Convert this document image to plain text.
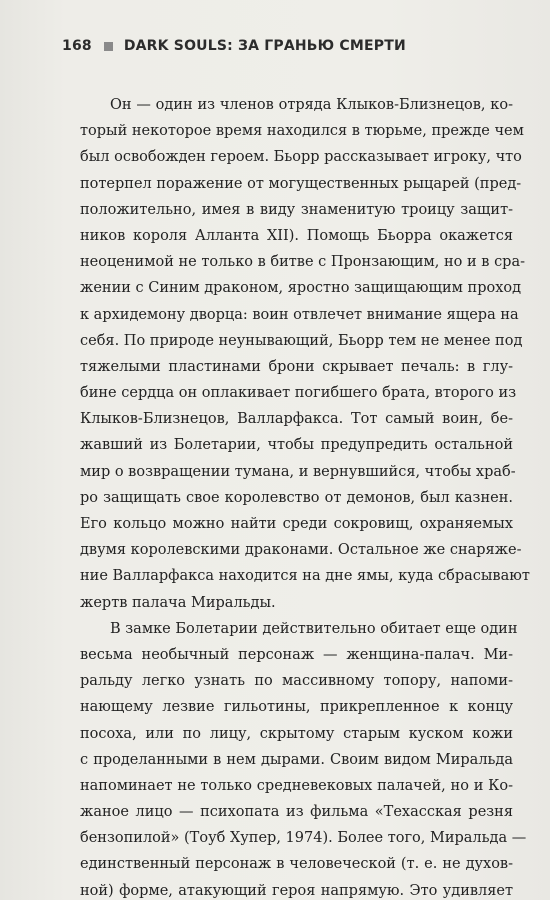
168 DARK SOULS: ЗА ГРАНЬЮ СМЕРТИ
Он — один из членов отряда Клыков-Близнецов, ко-
торый некоторое время находился в тюрьме, прежде чем
был освобожден героем. Бьорр рассказывает игроку, что
потерпел поражение от могущественных рыцарей (пред-
положительно, имея в виду знаменитую троицу защит-
ников короля Алланта XII). Помощь Бьорра окажется
неоценимой не только в битве с Пронзающим, но и в сра-
жении с Синим драконом, яростно защищающим проход
к архидемону дворца: воин отвлечет внимание ящера на
себя. По природе неунывающий, Бьорр тем не менее под
тяжелыми пластинами брони скрывает печаль: в глу-
бине сердца он оплакивает погибшего брата, второго из
Клыков-Близнецов, Валларфакса. Тот самый воин, бе-
жавший из Болетарии, чтобы предупредить остальной
мир о возвращении тумана, и вернувшийся, чтобы храб-
ро защищать свое королевство от демонов, был казнен.
Его кольцо можно найти среди сокровищ, охраняемых
двумя королевскими драконами. Остальное же снаряже-
ние Валларфакса находится на дне ямы, куда сбрасывают
жертв палача Миральды.
В замке Болетарии действительно обитает еще один
весьма необычный персонаж — женщина-палач. Ми-
ральду легко узнать по массивному топору, напоми-
нающему лезвие гильотины, прикрепленное к концу
посоха, или по лицу, скрытому старым куском кожи
с проделанными в нем дырами. Своим видом Миральда
напоминает не только средневековых палачей, но и Ко-
жаное лицо — психопата из фильма «Техасская резня
бензопилой» (Тоуб Хупер, 1974). Более того, Миральда —
единственный персонаж в человеческой (т. е. не духов-
ной) форме, атакующий героя напрямую. Это удивляет
